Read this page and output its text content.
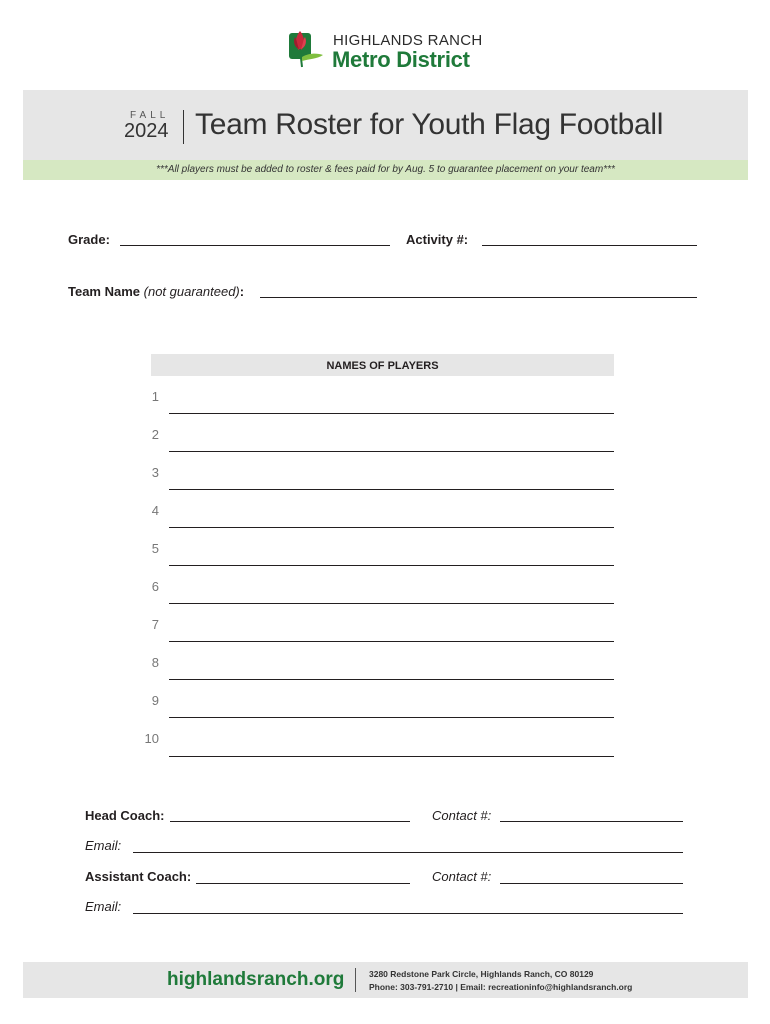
HIGHLANDS RANCH
Metro District
FALL
2024 Team Roster for Youth Flag Football
***All players must be added to roster & fees paid for by Aug. 5 to guarantee placement on your team***
Grade:	Activity #:
Team Name (not guaranteed):
NAMES OF PLAYERS
1
2
3
4
5
6
7
8
9
10
Head Coach:	Contact #:
Email:
Assistant Coach:	Contact #:
Email:
highlandsranch.org	3280 Redstone Park Circle, Highlands Ranch, CO 80129
Phone: 303-791-2710 | Email: recreationinfo@highlandsranch.org
